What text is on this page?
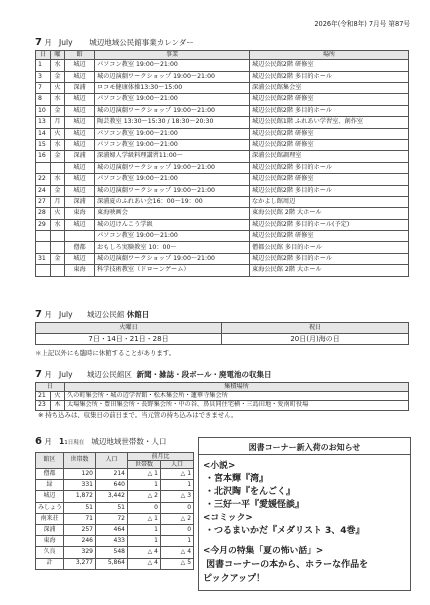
2026年(令和8年) 7月号 第87号
7 月 July 城辺地域公民館事業カレンダー
日	曜	館	事業	場所
1	水	城辺	パソコン教室 19:00～21:00	城辺公民館2階 研修室
3	金	城辺	城の辺演劇ワークショップ 19:00～21:00	城辺公民館2階 多目的ホール
7	火	深浦	ロコモ健康体操13:30～15:00	深浦公民館集会室
8	水	城辺	パソコン教室 19:00～21:00	城辺公民館2階 研修室
10	金	城辺	城の辺演劇ワークショップ 19:00～21:00	城辺公民館2階 多目的ホール
13	月	城辺	陶芸教室 13:30～15:30 / 18:30～20:30	城辺公民館1階 ふれあい学習室、創作室
14	火	城辺	パソコン教室 19:00～21:00	城辺公民館2階 研修室
15	水	城辺	パソコン教室 19:00～21:00	城辺公民館2階 研修室
16	金	深浦	深浦婦人学級料理講習11:00～	深浦公民館調理室
		城辺	城の辺演劇ワークショップ 19:00～21:00	城辺公民館2階 多目的ホール
22	水	城辺	パソコン教室 19:00～21:00	城辺公民館2階 研修室
24	金	城辺	城の辺演劇ワークショップ 19:00～21:00	城辺公民館2階 多目的ホール
27	月	深浦	深浦夏のふれあい会16：00～19：00	なかよし館周辺
28	火	東海	東海映画会	東海公民館 2階 大ホール
29	水	城辺	城の辺けんこう学級	城辺公民館2階 多目的ホール(予定)
			パソコン教室 19:00～21:00	城辺公民館2階 研修室
		僧都	おもしろ実験教室 10：00～	僧都公民館 多目的ホール
31	金	城辺	城の辺演劇ワークショップ 19:00～21:00	城辺公民館2階 多目的ホール
		東海	科学技術教室（ドローンゲーム）	東海公民館 2階 大ホール
7 月 July 城辺公民館 休館日
火曜日	祝日
7日・14日・21日・28日	20日(月)海の日
＊上記以外にも臨時に休館することがあります。
7 月 July 城辺公民館区 新聞・雑誌・段ボール・廃電池の収集日
日		集積場所
21	火	久の町集会所・城の辺学習館・松木集会所・蓮華寺集会所
23	木	太場集会所・豊田集会所・長野集会所・中の谷、鼻貝同住宅横・三島田地・愛南町役場
※ 持ち込みは、収集日の前日まで。当元管の持ち込みはできません。
6 月 11日現在 城辺地域世帯数・人口
館区	世帯数	人口	前月比	
			世帯数	人口
僧都	120	214	△ 1	△ 1
緑	331	640	1	1
城辺	1,872	3,442	△ 2	△ 3
みしょう	51	51	0	0
南来荘	71	72	△ 1	△ 2
深浦	257	464	1	0
東海	246	433	1	1
久良	329	548	△ 4	△ 4
計	3,277	5,864	△ 4	△ 5
図書コーナー新入荷のお知らせ
<小説>
・宮本輝『湾』
・北沢陶『をんごく』
・三好一平『愛媛怪談』
<コミック>
・つるまいかだ『メダリスト 3、4巻』
<今月の特集「夏の怖い話」>
図書コーナーの本から、ホラーな作品を
ピックアップ！
